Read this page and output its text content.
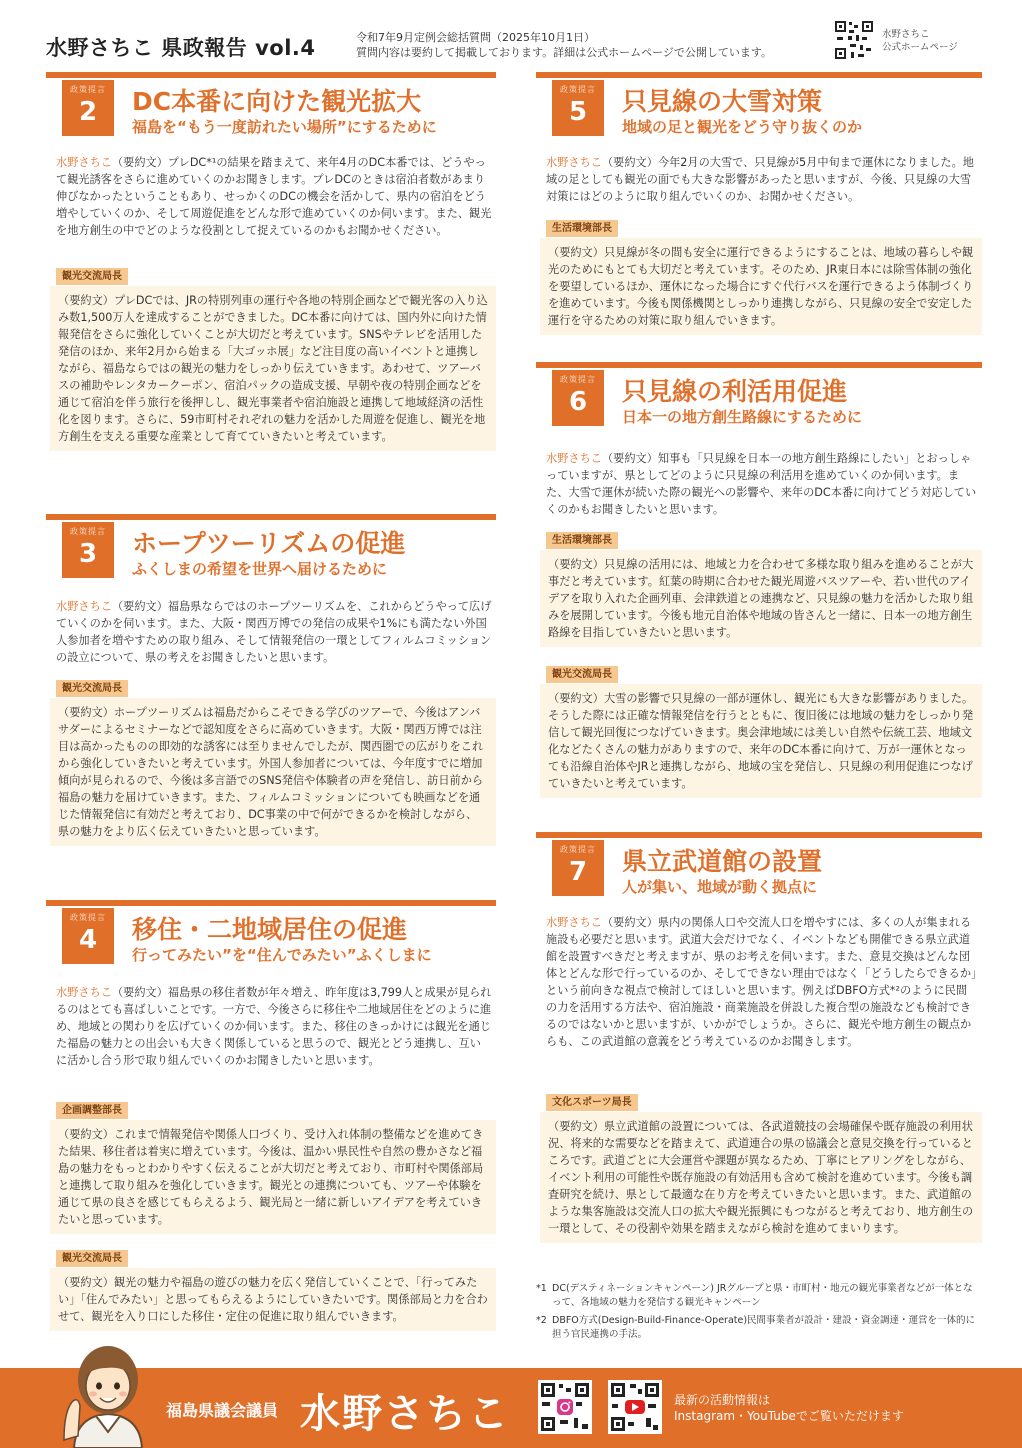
水野さちこ 県政報告 vol.4	令和7年9月定例会総括質問（2025年10月1日）
質問内容は要約して掲載しております。詳細は公式ホームページで公開しています。
水野さちこ
公式ホームページ
政策提言
2	DC本番に向けた観光拡大
福島を“もう一度訪れたい場所”にするために
水野さちこ（要約文）プレDC*¹の結果を踏まえて、来年4月のDC本番では、どうやって観光誘客をさらに進めていくのかお聞きします。プレDCのときは宿泊者数があまり伸びなかったということもあり、せっかくのDCの機会を活かして、県内の宿泊をどう増やしていくのか、そして周遊促進をどんな形で進めていくのか伺います。また、観光を地方創生の中でどのような役割として捉えているのかもお聞かせください。
観光交流局長
（要約文）プレDCでは、JRの特別列車の運行や各地の特別企画などで観光客の入り込み数1,500万人を達成することができました。DC本番に向けては、国内外に向けた情報発信をさらに強化していくことが大切だと考えています。SNSやテレビを活用した発信のほか、来年2月から始まる「大ゴッホ展」など注目度の高いイベントと連携しながら、福島ならではの観光の魅力をしっかり伝えていきます。あわせて、ツアーバスの補助やレンタカークーポン、宿泊パックの造成支援、早朝や夜の特別企画などを通じて宿泊を伴う旅行を後押しし、観光事業者や宿泊施設と連携して地域経済の活性化を図ります。さらに、59市町村それぞれの魅力を活かした周遊を促進し、観光を地方創生を支える重要な産業として育てていきたいと考えています。
政策提言
3	ホープツーリズムの促進
ふくしまの希望を世界へ届けるために
水野さちこ（要約文）福島県ならではのホープツーリズムを、これからどうやって広げていくのかを伺います。また、大阪・関西万博での発信の成果や1%にも満たない外国人参加者を増やすための取り組み、そして情報発信の一環としてフィルムコミッションの設立について、県の考えをお聞きしたいと思います。
観光交流局長
（要約文）ホープツーリズムは福島だからこそできる学びのツアーで、今後はアンバサダーによるセミナーなどで認知度をさらに高めていきます。大阪・関西万博では注目は高かったものの即効的な誘客には至りませんでしたが、関西圏での広がりをこれから強化していきたいと考えています。外国人参加者については、今年度すでに増加傾向が見られるので、今後は多言語でのSNS発信や体験者の声を発信し、訪日前から福島の魅力を届けていきます。また、フィルムコミッションについても映画などを通じた情報発信に有効だと考えており、DC事業の中で何ができるかを検討しながら、県の魅力をより広く伝えていきたいと思っています。
政策提言
4	移住・二地域居住の促進
行ってみたい”を“住んでみたい”ふくしまに
水野さちこ（要約文）福島県の移住者数が年々増え、昨年度は3,799人と成果が見られるのはとても喜ばしいことです。一方で、今後さらに移住や二地域居住をどのように進め、地域との関わりを広げていくのか伺います。また、移住のきっかけには観光を通じた福島の魅力との出会いも大きく関係していると思うので、観光とどう連携し、互いに活かし合う形で取り組んでいくのかお聞きしたいと思います。
企画調整部長
（要約文）これまで情報発信や関係人口づくり、受け入れ体制の整備などを進めてきた結果、移住者は着実に増えています。今後は、温かい県民性や自然の豊かさなど福島の魅力をもっとわかりやすく伝えることが大切だと考えており、市町村や関係部局と連携して取り組みを強化していきます。観光との連携についても、ツアーや体験を通じて県の良さを感じてもらえるよう、観光局と一緒に新しいアイデアを考えていきたいと思っています。
観光交流局長
（要約文）観光の魅力や福島の遊びの魅力を広く発信していくことで、「行ってみたい」「住んでみたい」と思ってもらえるようにしていきたいです。関係部局と力を合わせて、観光を入り口にした移住・定住の促進に取り組んでいきます。
政策提言
5	只見線の大雪対策
地域の足と観光をどう守り抜くのか
水野さちこ（要約文）今年2月の大雪で、只見線が5月中旬まで運休になりました。地域の足としても観光の面でも大きな影響があったと思いますが、今後、只見線の大雪対策にはどのように取り組んでいくのか、お聞かせください。
生活環境部長
（要約文）只見線が冬の間も安全に運行できるようにすることは、地域の暮らしや観光のためにもとても大切だと考えています。そのため、JR東日本には除雪体制の強化を要望しているほか、運休になった場合にすぐ代行バスを運行できるよう体制づくりを進めています。今後も関係機関としっかり連携しながら、只見線の安全で安定した運行を守るための対策に取り組んでいきます。
政策提言
6	只見線の利活用促進
日本一の地方創生路線にするために
水野さちこ（要約文）知事も「只見線を日本一の地方創生路線にしたい」とおっしゃっていますが、県としてどのように只見線の利活用を進めていくのか伺います。また、大雪で運休が続いた際の観光への影響や、来年のDC本番に向けてどう対応していくのかもお聞きしたいと思います。
生活環境部長
（要約文）只見線の活用には、地域と力を合わせて多様な取り組みを進めることが大事だと考えています。紅葉の時期に合わせた観光周遊バスツアーや、若い世代のアイデアを取り入れた企画列車、会津鉄道との連携など、只見線の魅力を活かした取り組みを展開しています。今後も地元自治体や地域の皆さんと一緒に、日本一の地方創生路線を目指していきたいと思います。
観光交流局長
（要約文）大雪の影響で只見線の一部が運休し、観光にも大きな影響がありました。そうした際には正確な情報発信を行うとともに、復旧後には地域の魅力をしっかり発信して観光回復につなげていきます。奥会津地域には美しい自然や伝統工芸、地域文化などたくさんの魅力がありますので、来年のDC本番に向けて、万が一運休となっても沿線自治体やJRと連携しながら、地域の宝を発信し、只見線の利用促進につなげていきたいと考えています。
政策提言
7	県立武道館の設置
人が集い、地域が動く拠点に
水野さちこ（要約文）県内の関係人口や交流人口を増やすには、多くの人が集まれる施設も必要だと思います。武道大会だけでなく、イベントなども開催できる県立武道館を設置すべきだと考えますが、県のお考えを伺います。また、意見交換はどんな団体とどんな形で行っているのか、そしてできない理由ではなく「どうしたらできるか」という前向きな視点で検討してほしいと思います。例えばDBFO方式*²のように民間の力を活用する方法や、宿泊施設・商業施設を併設した複合型の施設なども検討できるのではないかと思いますが、いかがでしょうか。さらに、観光や地方創生の観点からも、この武道館の意義をどう考えているのかお聞きします。
文化スポーツ局長
（要約文）県立武道館の設置については、各武道競技の会場確保や既存施設の利用状況、将来的な需要などを踏まえて、武道連合の県の協議会と意見交換を行っているところです。武道ごとに大会運営や課題が異なるため、丁寧にヒアリングをしながら、イベント利用の可能性や既存施設の有効活用も含めて検討を進めています。今後も調査研究を続け、県として最適な在り方を考えていきたいと思います。また、武道館のような集客施設は交流人口の拡大や観光振興にもつながると考えており、地方創生の一環として、その役割や効果を踏まえながら検討を進めてまいります。
*1 DC(デスティネーションキャンペーン) JRグループと県・市町村・地元の観光事業者などが一体となって、各地域の魅力を発信する観光キャンペーン
*2 DBFO方式(Design-Build-Finance-Operate)民間事業者が設計・建設・資金調達・運営を一体的に担う官民連携の手法。
福島県議会議員 水野さちこ	最新の活動情報は
Instagram・YouTubeでご覧いただけます
